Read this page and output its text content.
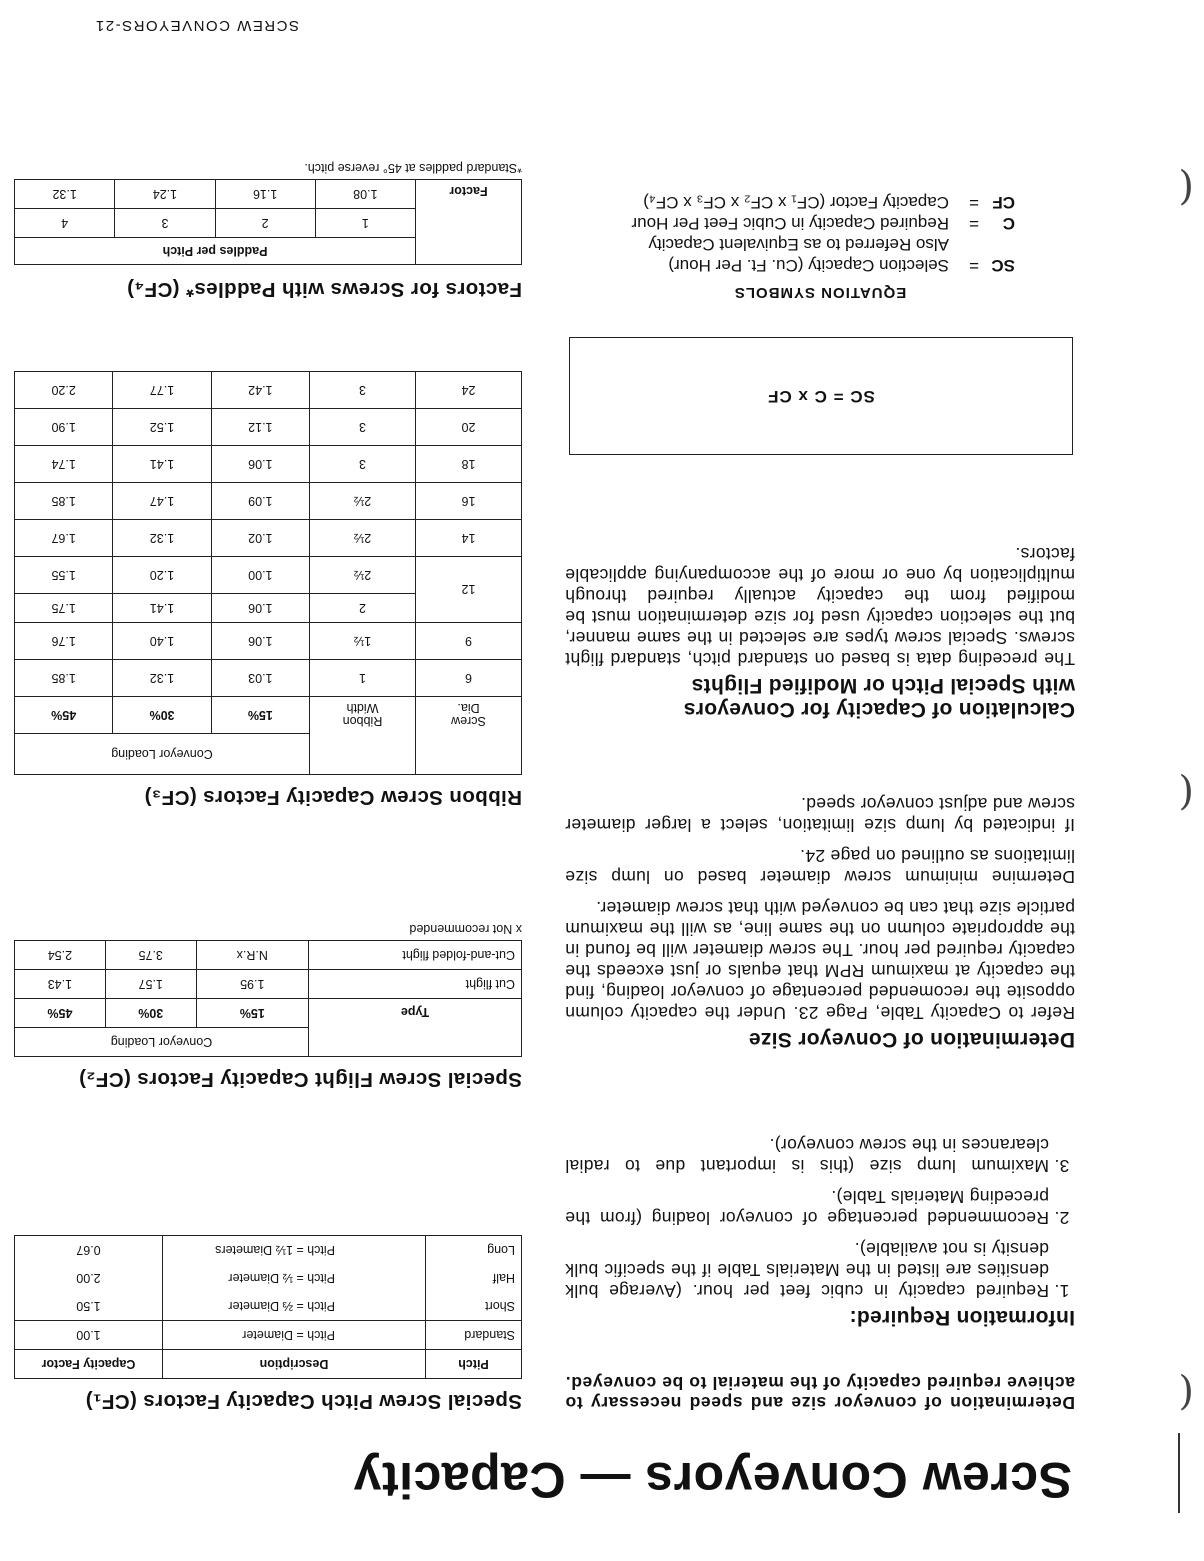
(
(
(
Screw Conveyors — Capacity
Determination of conveyor size and speed necessary to achieve required capacity of the material to be conveyed.
Information Required:
1. Required capacity in cubic feet per hour. (Average bulk densities are listed in the Materials Table if the specific bulk density is not available).
2. Recommended percentage of conveyor loading (from the preceding Materials Table).
3. Maximum lump size (this is important due to radial clearances in the screw conveyor).
Determination of Conveyor Size
Refer to Capacity Table, Page 23. Under the capacity column opposite the recomended percentage of conveyor loading, find the capacity at maximum RPM that equals or just exceeds the capacity required per hour. The screw diameter will be found in the appropriate column on the same line, as will the maximum particle size that can be conveyed with that screw diameter.
Determine minimum screw diameter based on lump size limitations as outlined on page 24.
If indicated by lump size limitation, select a larger diameter screw and adjust conveyor speed.
Calculation of Capacity for Conveyors
with Special Pitch or Modified Flights
The preceding data is based on standard pitch, standard flight screws. Special screw types are selected in the same manner, but the selection capacity used for size determination must be modified from the capacity actually required through multiplication by one or more of the accompanying applicable factors.
SC = C x CF
EQUATION SYMBOLS
SC
=
Selection Capacity (Cu. Ft. Per Hour)
Also Referred to as Equivalent Capacity
C
=
Required Capacity in Cubic Feet Per Hour
CF
=
Capacity Factor (CF₁ x CF₂ x CF₃ x CF₄)
Special Screw Pitch Capacity Factors (CF₁)
Pitch	Description	Capacity Factor
Standard	Pitch = Diameter	1.00
Short	Pitch = ⅔ Diameter	1.50
Half	Pitch = ½ Diameter	2.00
Long	Pitch = 1½ Diameters	0.67
Special Screw Flight Capacity Factors (CF₂)
Type	Conveyor Loading		
	15%	30%	45%
Cut flight	1.95	1.57	1.43
Cut-and-folded flight	N.R.x	3.75	2.54
x Not recommended
Ribbon Screw Capacity Factors (CF₃)
Screw
Dia.

Ribbon
Width
	Conveyor Loading
		15%	30%	45%
6	1	1.03	1.32	1.85
9	1½	1.06	1.40	1.76
12	2	1.06	1.41	1.75
	2½	1.00	1.20	1.55
14	2½	1.02	1.32	1.67
16	2½	1.09	1.47	1.85
18	3	1.06	1.41	1.74
20	3	1.12	1.52	1.90
24	3	1.42	1.77	2.20
Factors for Screws with Paddles* (CF₄)
Factor	Paddles per Pitch			
	1	2	3	4
	1.08	1.16	1.24	1.32
*Standard paddles at 45° reverse pitch.
SCREW CONVEYORS-21
